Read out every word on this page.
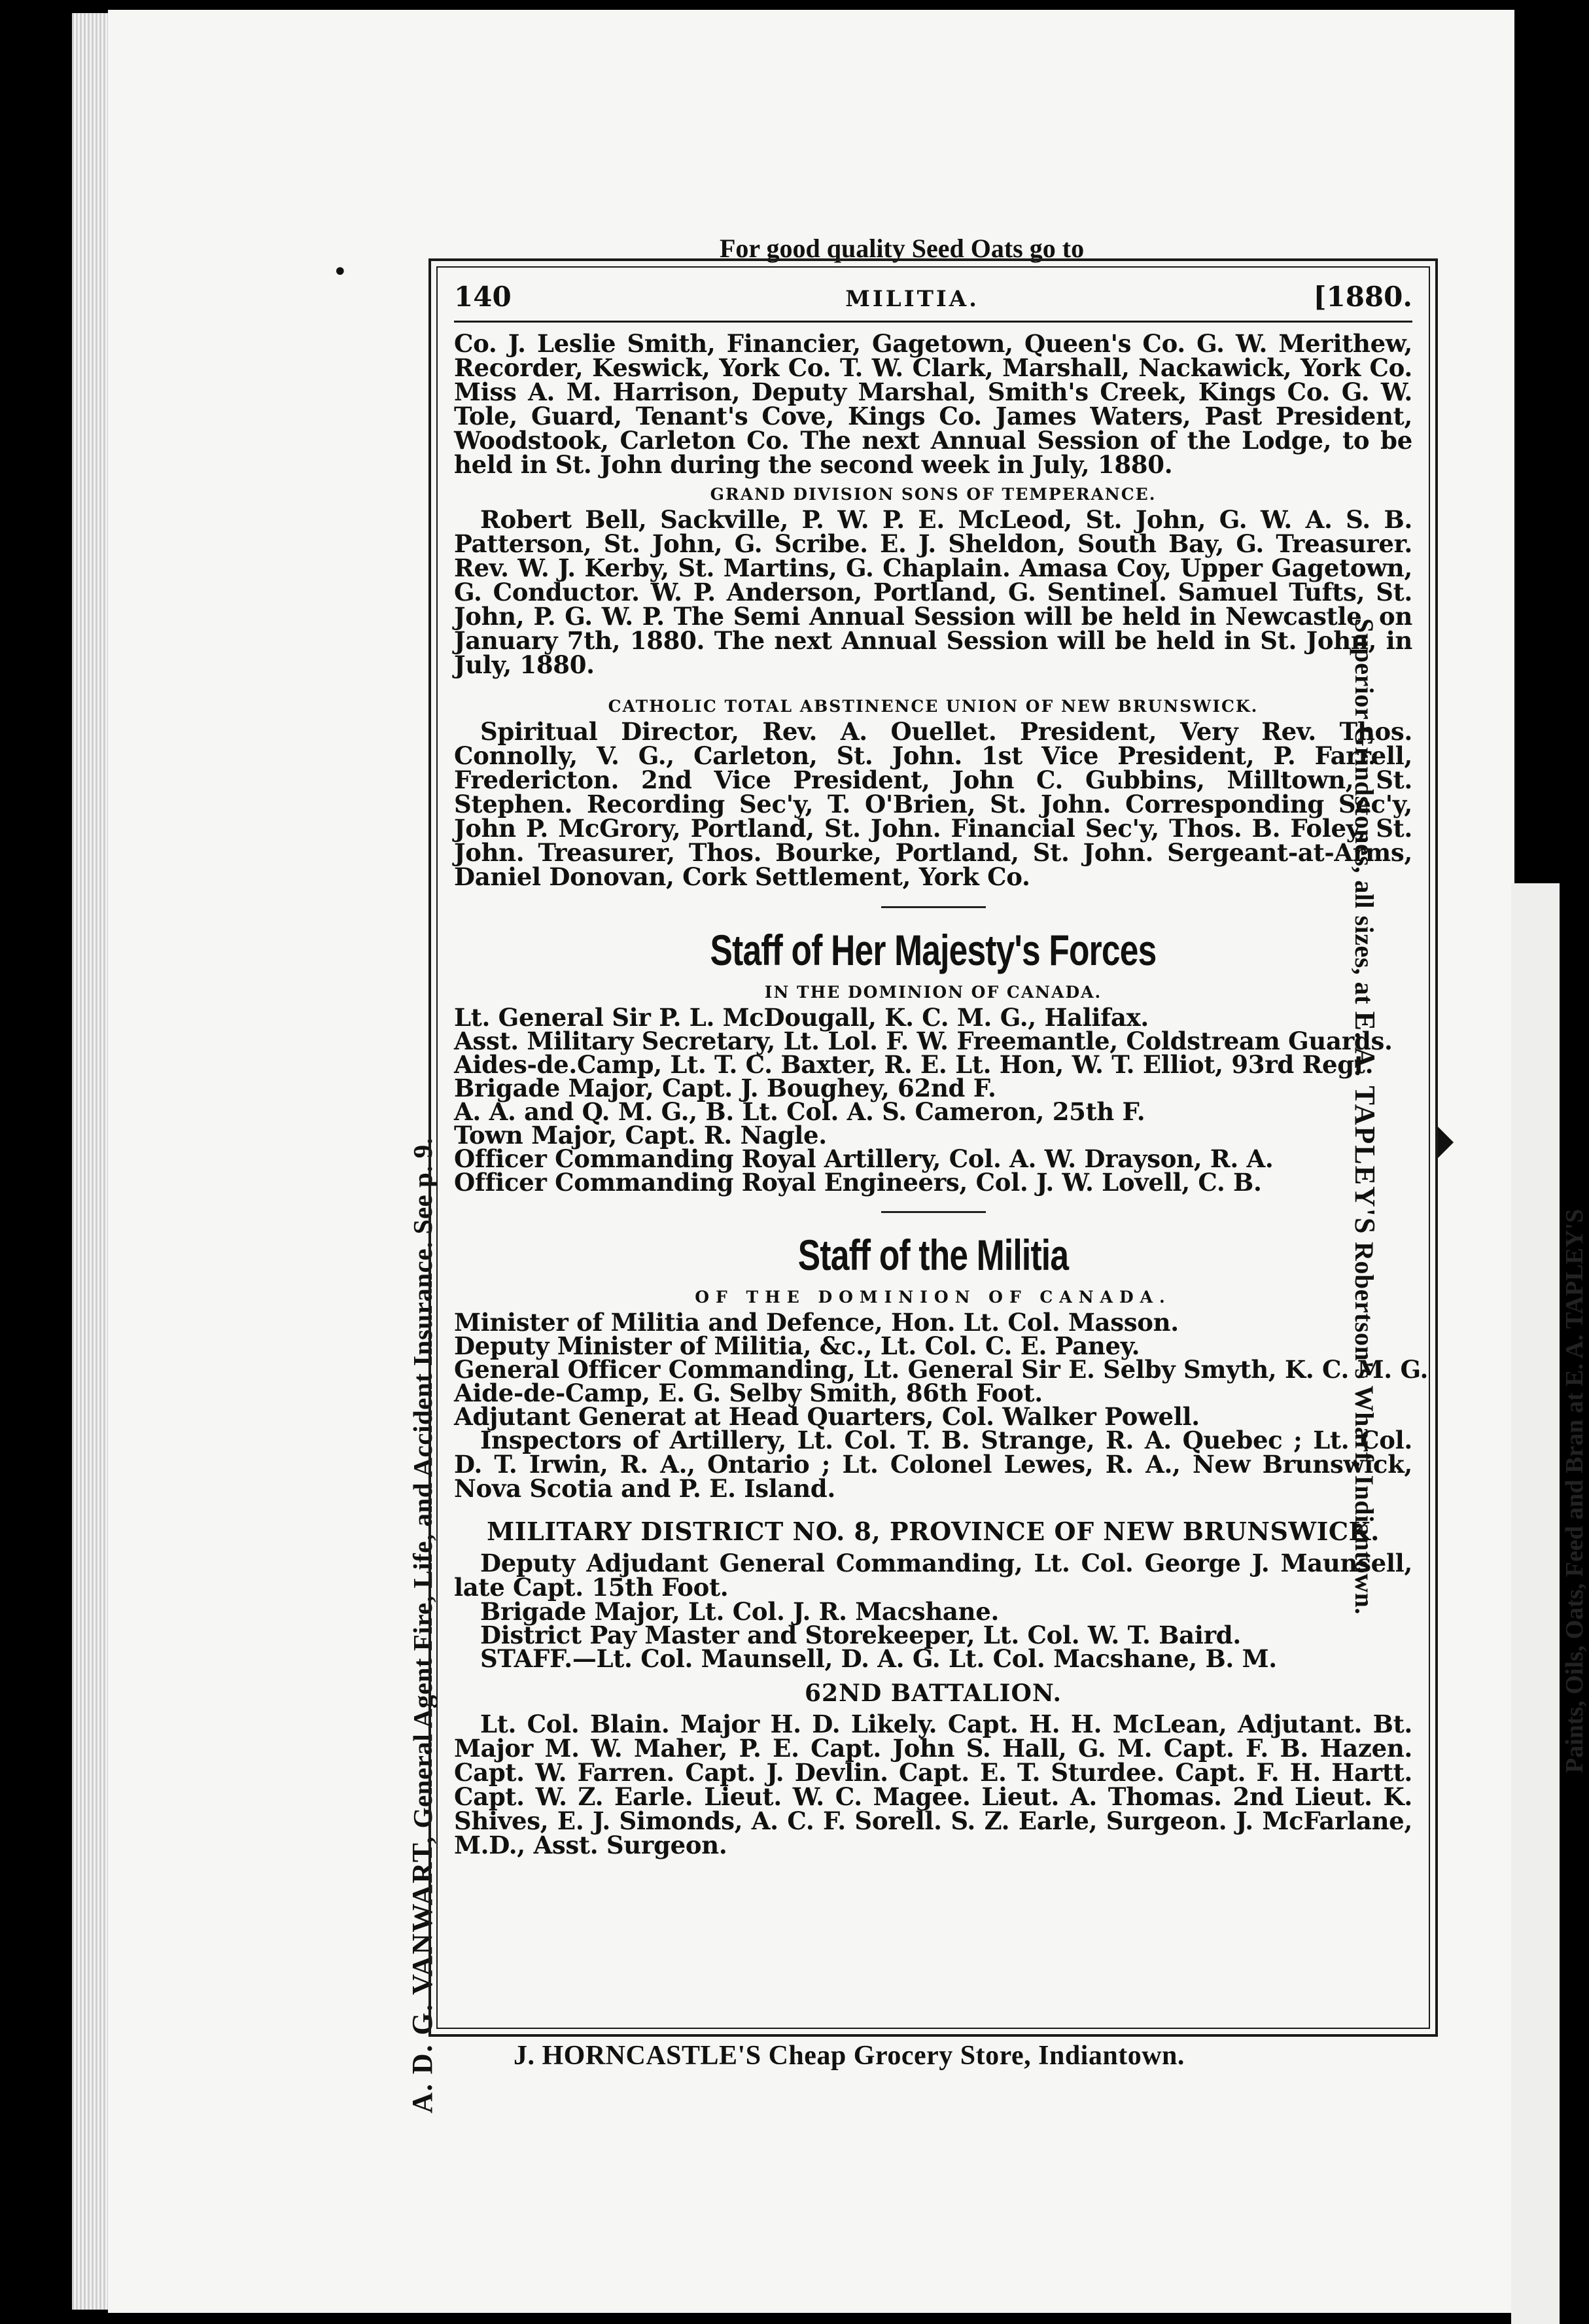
•
For good quality Seed Oats go to
A. D. G. VANWART, General Agent Fire, Life, and Accident Insurance. See p. 9.
Superior Grindstones, all sizes, at E. A. TAPLEY'S Robertson's Wharf, Indiantown.	Paints, Oils, Oats, Feed and Bran at E. A. TAPLEY'S
140	MILITIA.	[1880.

Co. J. Leslie Smith, Financier, Gagetown, Queen's Co. G. W. Merithew, Recorder, Keswick, York Co. T. W. Clark, Marshall, Nackawick, York Co. Miss A. M. Harrison, Deputy Marshal, Smith's Creek, Kings Co. G. W. Tole, Guard, Tenant's Cove, Kings Co. James Waters, Past President, Woodstook, Carleton Co. The next Annual Session of the Lodge, to be held in St. John during the second week in July, 1880.

GRAND DIVISION SONS OF TEMPERANCE.

Robert Bell, Sackville, P. W. P. E. McLeod, St. John, G. W. A. S. B. Patterson, St. John, G. Scribe. E. J. Sheldon, South Bay, G. Treasurer. Rev. W. J. Kerby, St. Martins, G. Chaplain. Amasa Coy, Upper Gagetown, G. Conductor. W. P. Anderson, Portland, G. Sentinel. Samuel Tufts, St. John, P. G. W. P. The Semi Annual Session will be held in Newcastle, on January 7th, 1880. The next Annual Session will be held in St. John, in July, 1880.

CATHOLIC TOTAL ABSTINENCE UNION OF NEW BRUNSWICK.

Spiritual Director, Rev. A. Ouellet. President, Very Rev. Thos. Connolly, V. G., Carleton, St. John. 1st Vice President, P. Farrell, Fredericton. 2nd Vice President, John C. Gubbins, Milltown, St. Stephen. Recording Sec'y, T. O'Brien, St. John. Corresponding Sec'y, John P. McGrory, Portland, St. John. Financial Sec'y, Thos. B. Foley, St. John. Treasurer, Thos. Bourke, Portland, St. John. Sergeant-at-Arms, Daniel Donovan, Cork Settlement, York Co.

Staff of Her Majesty's Forces
IN THE DOMINION OF CANADA.

Lt. General Sir P. L. McDougall, K. C. M. G., Halifax.

Asst. Military Secretary, Lt. Lol. F. W. Freemantle, Coldstream Guards.

Aides-de.Camp, Lt. T. C. Baxter, R. E. Lt. Hon, W. T. Elliot, 93rd Regt.

Brigade Major, Capt. J. Boughey, 62nd F.

A. A. and Q. M. G., B. Lt. Col. A. S. Cameron, 25th F.

Town Major, Capt. R. Nagle.

Officer Commanding Royal Artillery, Col. A. W. Drayson, R. A.

Officer Commanding Royal Engineers, Col. J. W. Lovell, C. B.

Staff of the Militia
OF THE DOMINION OF CANADA.

Minister of Militia and Defence, Hon. Lt. Col. Masson.

Deputy Minister of Militia, &c., Lt. Col. C. E. Paney.

General Officer Commanding, Lt. General Sir E. Selby Smyth, K. C. M. G.

Aide-de-Camp, E. G. Selby Smith, 86th Foot.

Adjutant Generat at Head Quarters, Col. Walker Powell.

Inspectors of Artillery, Lt. Col. T. B. Strange, R. A. Quebec ; Lt. Col. D. T. Irwin, R. A., Ontario ; Lt. Colonel Lewes, R. A., New Brunswick, Nova Scotia and P. E. Island.

MILITARY DISTRICT NO. 8, PROVINCE OF NEW BRUNSWICK.

Deputy Adjudant General Commanding, Lt. Col. George J. Maunsell, late Capt. 15th Foot.

Brigade Major, Lt. Col. J. R. Macshane.

District Pay Master and Storekeeper, Lt. Col. W. T. Baird.

STAFF.—Lt. Col. Maunsell, D. A. G. Lt. Col. Macshane, B. M.

62ND BATTALION.

Lt. Col. Blain. Major H. D. Likely. Capt. H. H. McLean, Adjutant. Bt. Major M. W. Maher, P. E. Capt. John S. Hall, G. M. Capt. F. B. Hazen. Capt. W. Farren. Capt. J. Devlin. Capt. E. T. Sturdee. Capt. F. H. Hartt. Capt. W. Z. Earle. Lieut. W. C. Magee. Lieut. A. Thomas. 2nd Lieut. K. Shives, E. J. Simonds, A. C. F. Sorell. S. Z. Earle, Surgeon. J. McFarlane, M.D., Asst. Surgeon.

J. HORNCASTLE'S Cheap Grocery Store, Indiantown.
